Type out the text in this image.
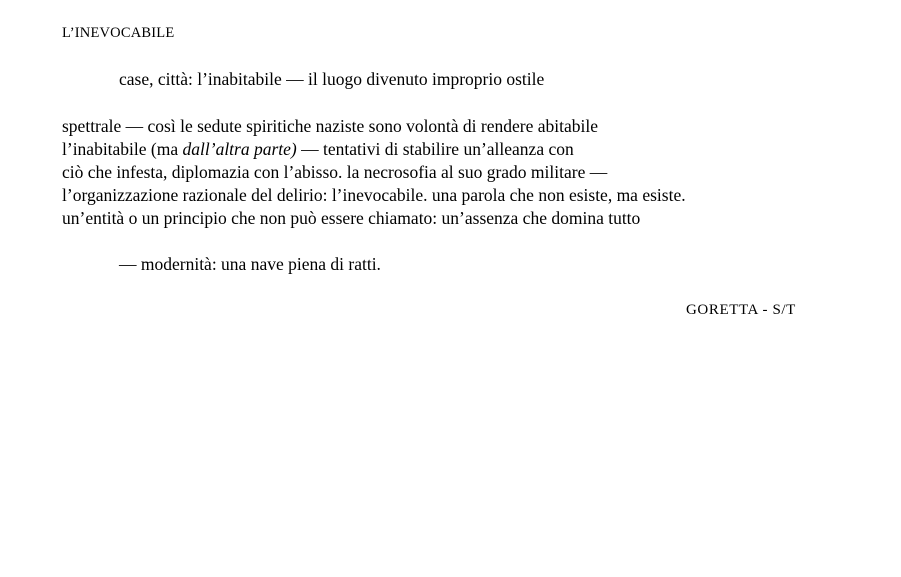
L’INEVOCABILE
case, città: l’inabitabile — il luogo divenuto improprio ostile
spettrale — così le sedute spiritiche naziste sono volontà di rendere abitabile
l’inabitabile (ma dall’altra parte) — tentativi di stabilire un’alleanza con
ciò che infesta, diplomazia con l’abisso. la necrosofia al suo grado militare —
l’organizzazione razionale del delirio: l’inevocabile. una parola che non esiste, ma esiste.
un’entità o un principio che non può essere chiamato: un’assenza che domina tutto
— modernità: una nave piena di ratti.
GORETTA - S/T
